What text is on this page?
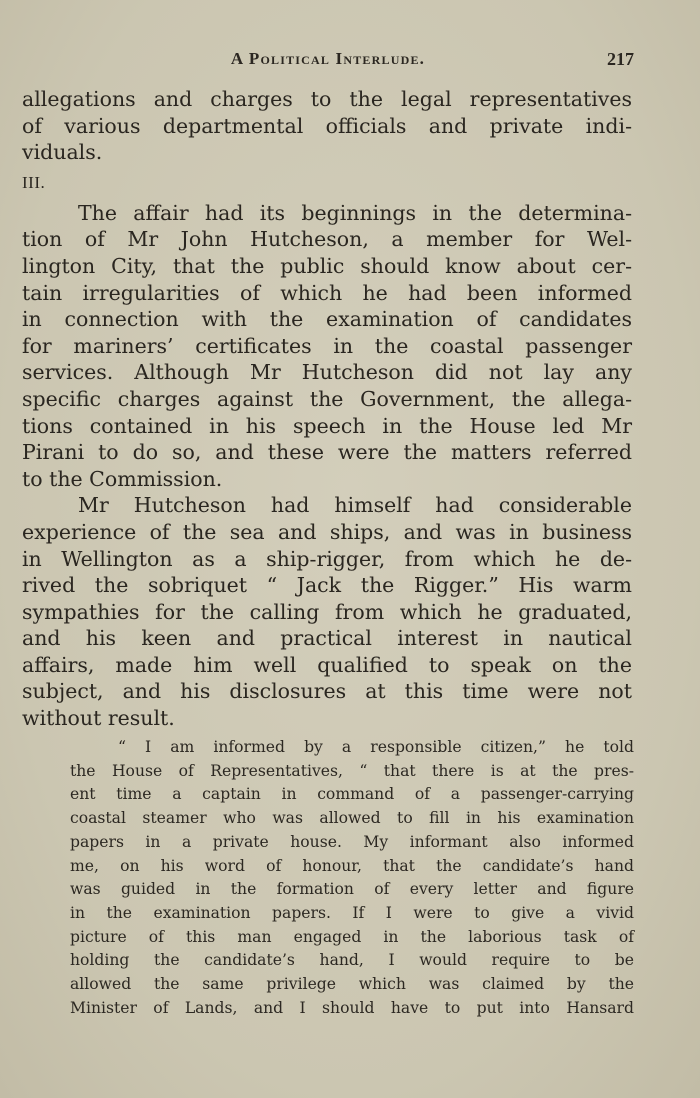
A Political Interlude.	217

allegations and charges to the legal representatives
of various departmental officials and private indi-
viduals.

III.

The affair had its beginnings in the determina-
tion of Mr John Hutcheson, a member for Wel-
lington City, that the public should know about cer-
tain irregularities of which he had been informed
in connection with the examination of candidates
for mariners’ certificates in the coastal passenger
services. Although Mr Hutcheson did not lay any
specific charges against the Government, the allega-
tions contained in his speech in the House led Mr
Pirani to do so, and these were the matters referred
to the Commission.

Mr Hutcheson had himself had considerable
experience of the sea and ships, and was in business
in Wellington as a ship-rigger, from which he de-
rived the sobriquet “ Jack the Rigger.” His warm
sympathies for the calling from which he graduated,
and his keen and practical interest in nautical
affairs, made him well qualified to speak on the
subject, and his disclosures at this time were not
without result.

“ I am informed by a responsible citizen,” he told
the House of Representatives, “ that there is at the pres-
ent time a captain in command of a passenger-carrying
coastal steamer who was allowed to fill in his examination
papers in a private house. My informant also informed
me, on his word of honour, that the candidate’s hand
was guided in the formation of every letter and figure
in the examination papers. If I were to give a vivid
picture of this man engaged in the laborious task of
holding the candidate’s hand, I would require to be
allowed the same privilege which was claimed by the
Minister of Lands, and I should have to put into Hansard
